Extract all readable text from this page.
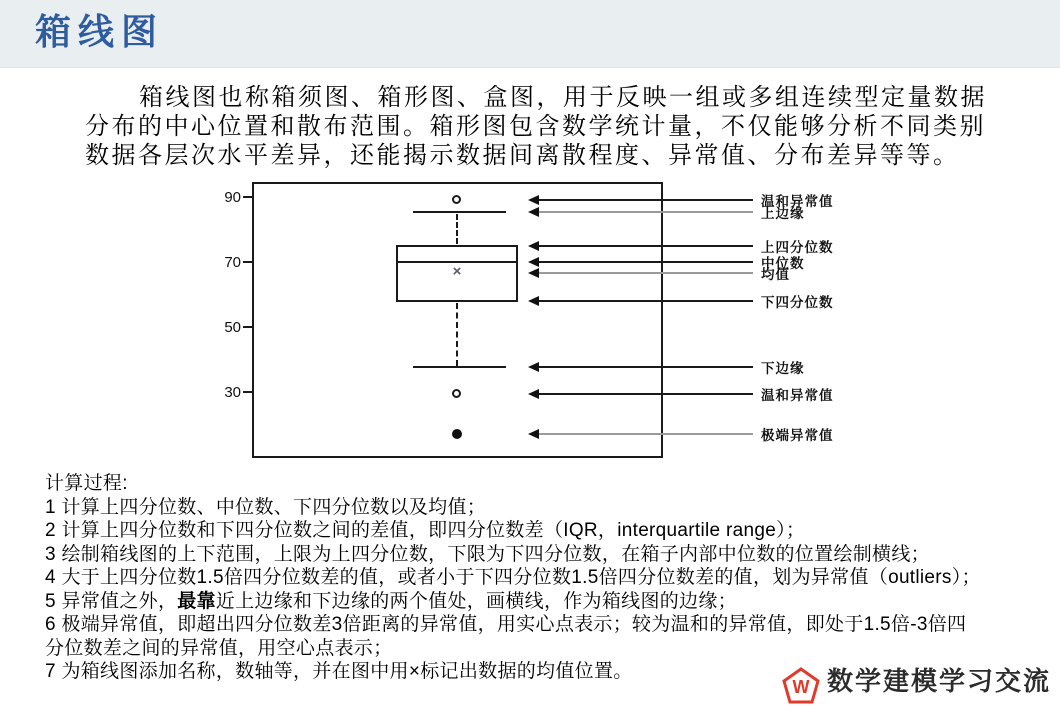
箱线图
箱线图也称箱须图、箱形图、盒图，用于反映一组或多组连续型定量数据
分布的中心位置和散布范围。箱形图包含数学统计量，不仅能够分析不同类别
数据各层次水平差异，还能揭示数据间离散程度、异常值、分布差异等等。
90
70
50
30
×
温和异常值
上边缘
上四分位数
中位数
均值
下四分位数
下边缘
温和异常值
极端异常值
计算过程:
1 计算上四分位数、中位数、下四分位数以及均值；
2 计算上四分位数和下四分位数之间的差值，即四分位数差（IQR，interquartile range）；
3 绘制箱线图的上下范围，上限为上四分位数，下限为下四分位数，在箱子内部中位数的位置绘制横线；
4 大于上四分位数1.5倍四分位数差的值，或者小于下四分位数1.5倍四分位数差的值，划为异常值（outliers）；
5 异常值之外，最靠近上边缘和下边缘的两个值处，画横线，作为箱线图的边缘；
6 极端异常值，即超出四分位数差3倍距离的异常值，用实心点表示；较为温和的异常值，即处于1.5倍-3倍四
分位数差之间的异常值，用空心点表示；
7 为箱线图添加名称，数轴等，并在图中用×标记出数据的均值位置。
W 数学建模学习交流
